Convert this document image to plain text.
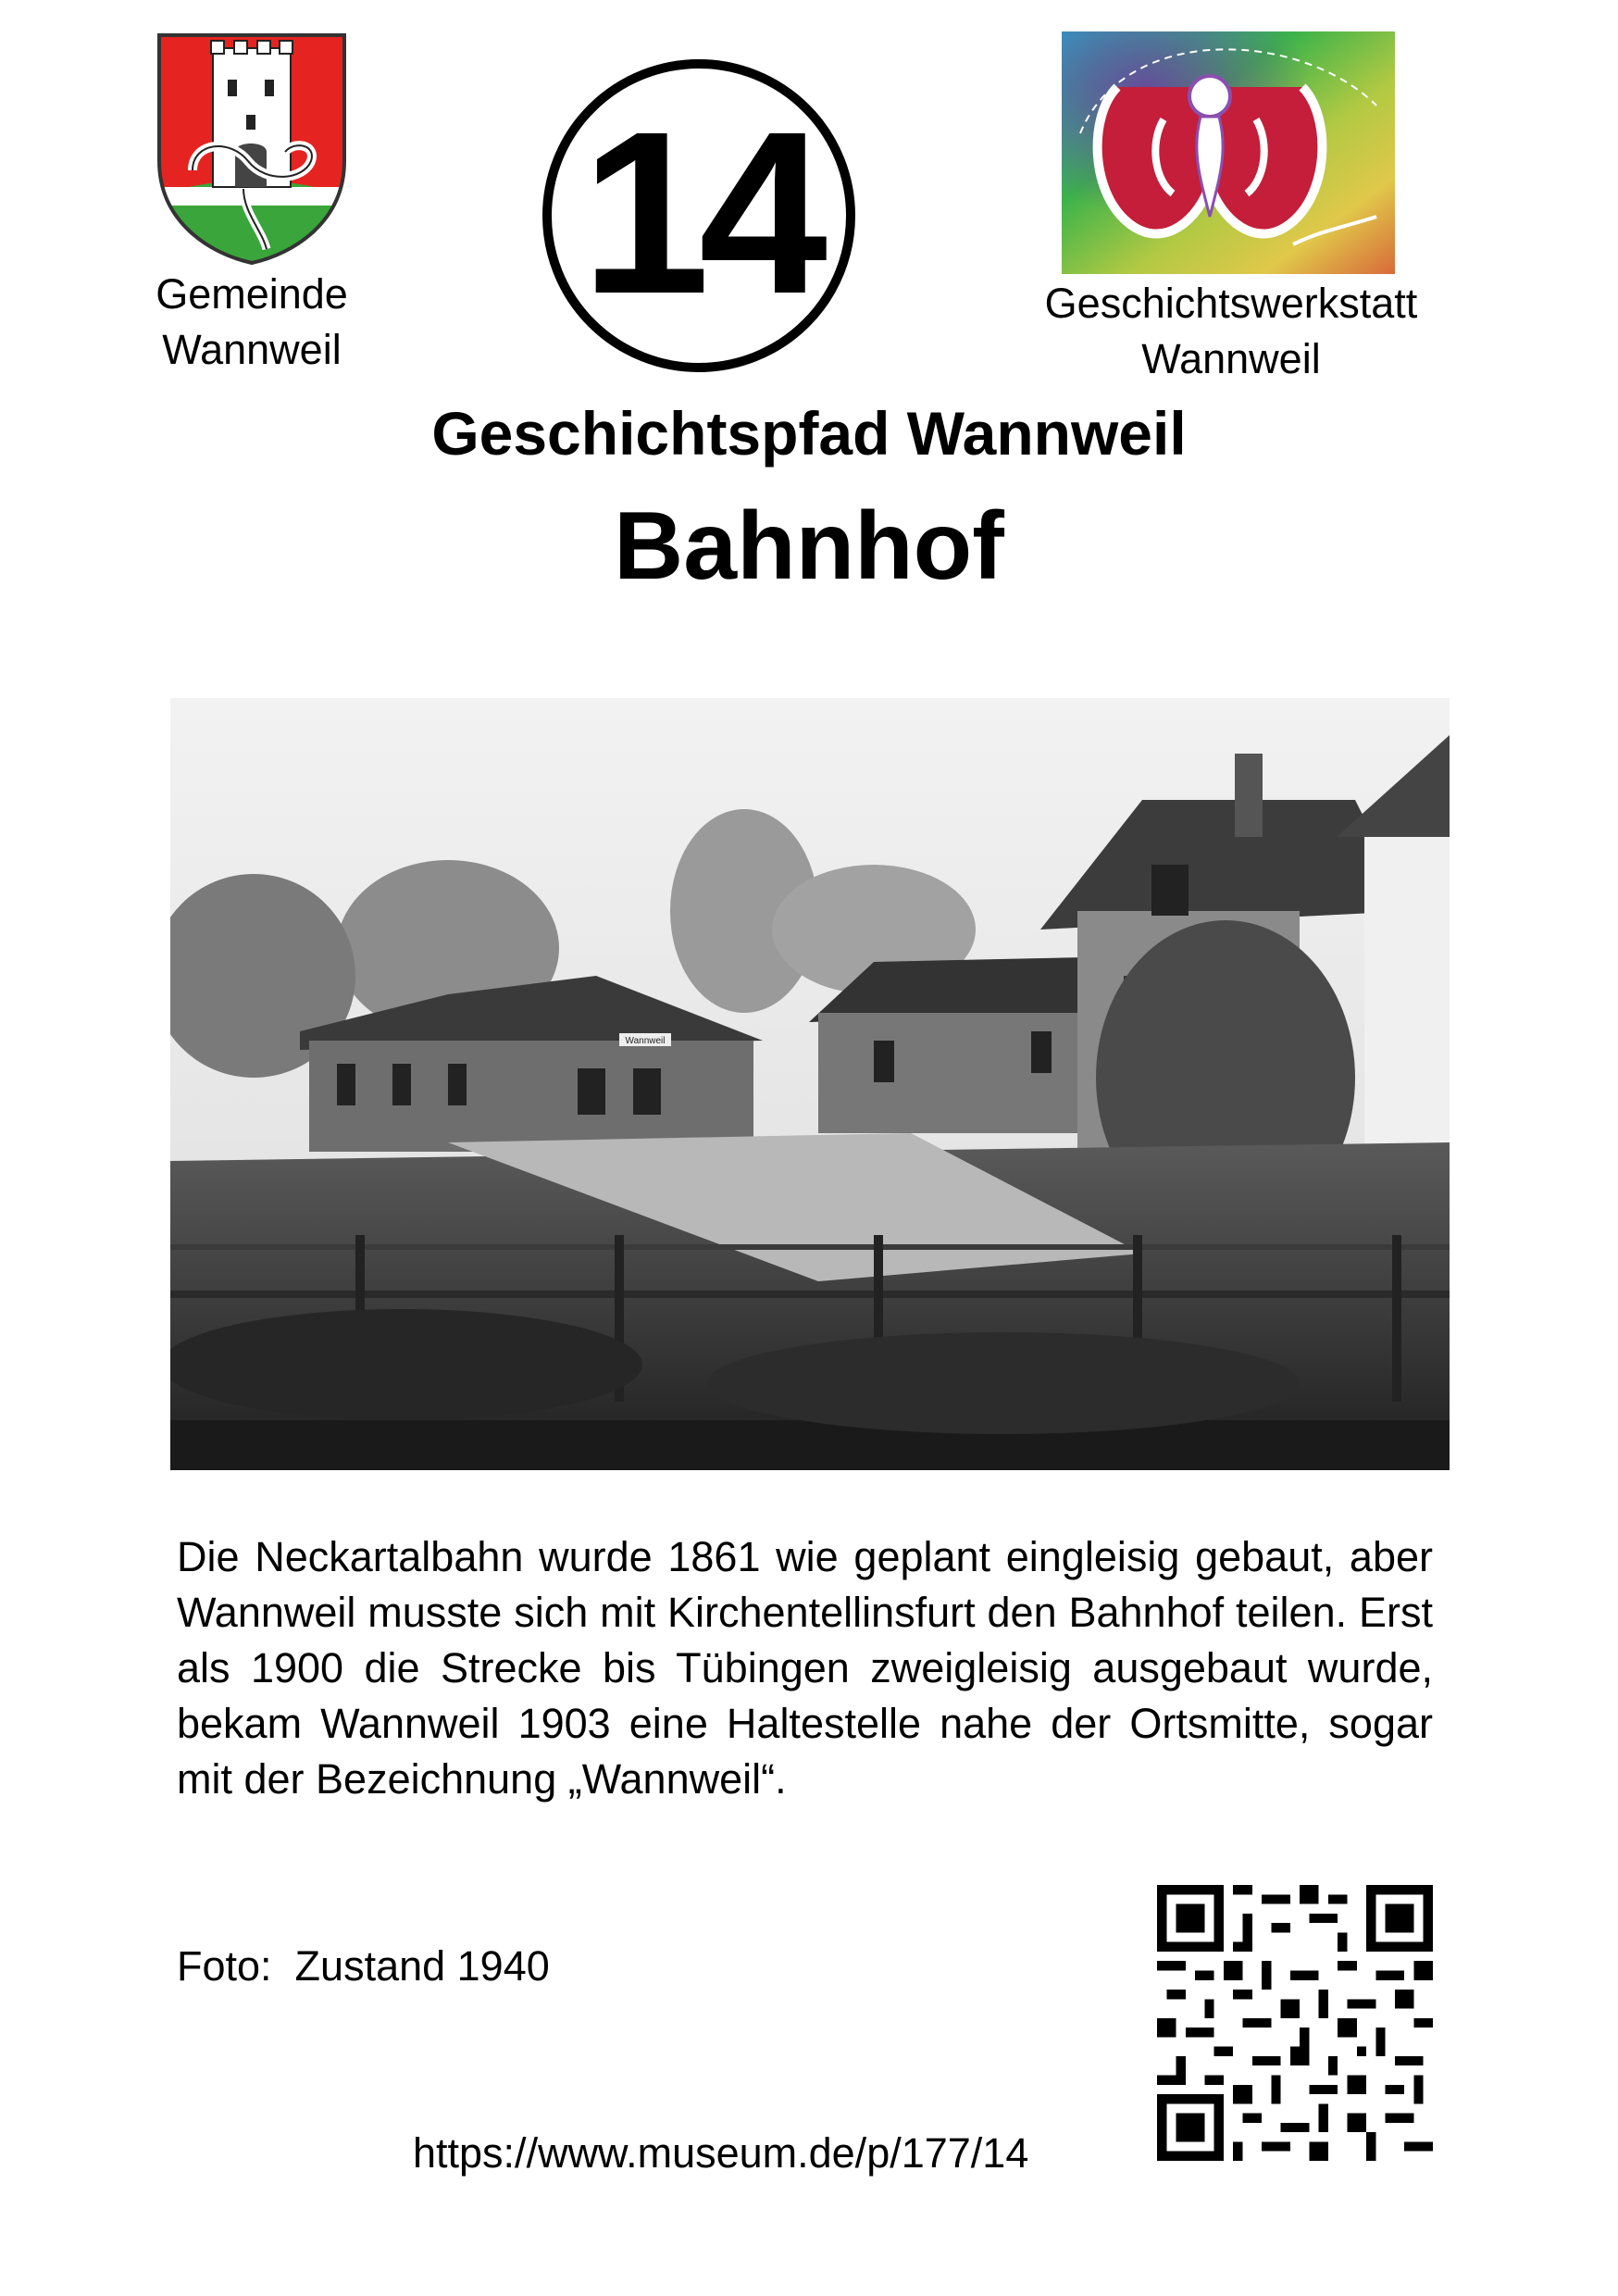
Gemeinde
Wannweil
14	Geschichtswerkstatt
Wannweil
Geschichtspfad Wannweil
Bahnhof
Wannweil
Die Neckartalbahn wurde 1861 wie geplant eingleisig gebaut, aber Wannweil musste sich mit Kirchentellinsfurt den Bahnhof teilen. Erst als 1900 die Strecke bis Tübingen zweigleisig ausgebaut wurde, bekam Wannweil 1903 eine Haltestelle nahe der Ortsmitte, sogar mit der Bezeichnung „Wannweil“.
Foto:  Zustand 1940
https://www.museum.de/p/177/14
